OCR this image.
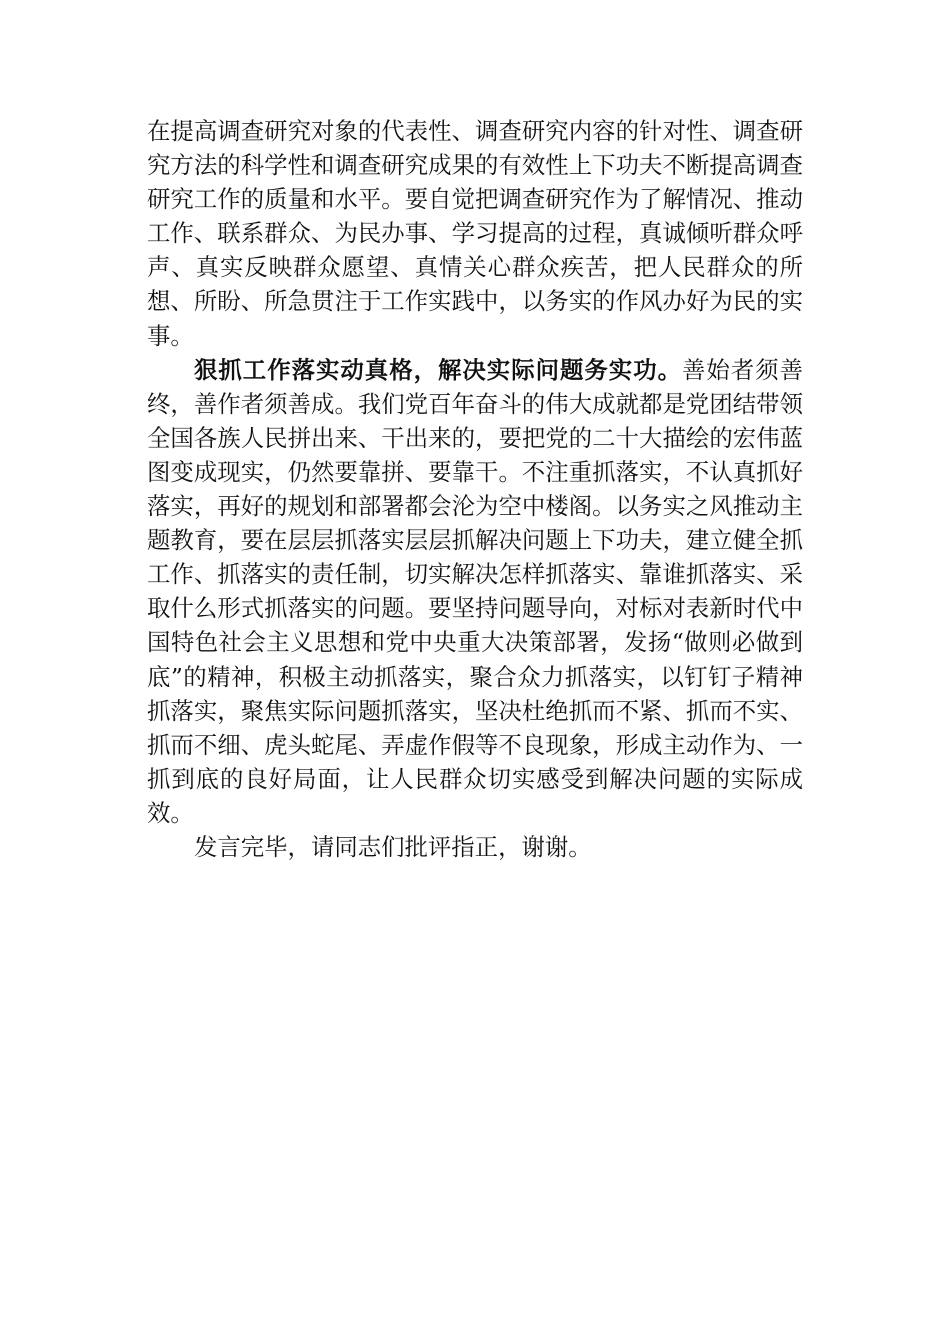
在提高调查研究对象的代表性、调查研究内容的针对性、调查研究方法的科学性和调查研究成果的有效性上下功夫不断提高调查研究工作的质量和水平。要自觉把调查研究作为了解情况、推动工作、联系群众、为民办事、学习提高的过程，真诚倾听群众呼声、真实反映群众愿望、真情关心群众疾苦，把人民群众的所想、所盼、所急贯注于工作实践中，以务实的作风办好为民的实事。

狠抓工作落实动真格，解决实际问题务实功。善始者须善终，善作者须善成。我们党百年奋斗的伟大成就都是党团结带领全国各族人民拼出来、干出来的，要把党的二十大描绘的宏伟蓝图变成现实，仍然要靠拼、要靠干。不注重抓落实，不认真抓好落实，再好的规划和部署都会沦为空中楼阁。以务实之风推动主题教育，要在层层抓落实层层抓解决问题上下功夫，建立健全抓工作、抓落实的责任制，切实解决怎样抓落实、靠谁抓落实、采取什么形式抓落实的问题。要坚持问题导向，对标对表新时代中国特色社会主义思想和党中央重大决策部署，发扬“做则必做到底”的精神，积极主动抓落实，聚合众力抓落实，以钉钉子精神抓落实，聚焦实际问题抓落实，坚决杜绝抓而不紧、抓而不实、抓而不细、虎头蛇尾、弄虚作假等不良现象，形成主动作为、一抓到底的良好局面，让人民群众切实感受到解决问题的实际成效。

发言完毕，请同志们批评指正，谢谢。
